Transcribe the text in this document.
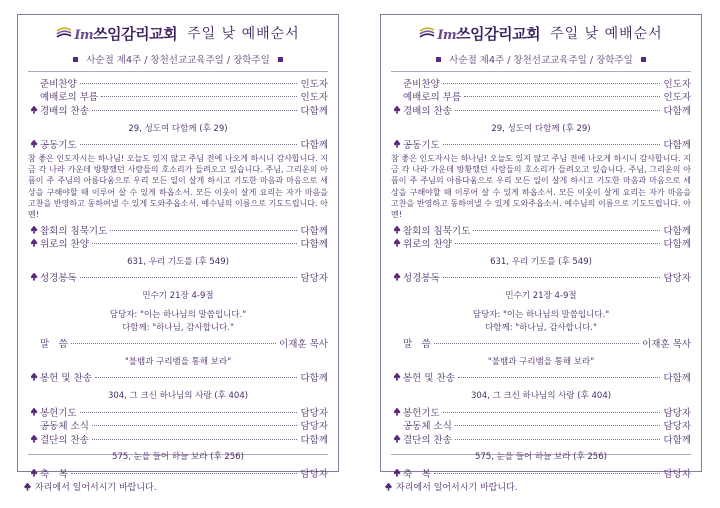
Im쓰임감리교회 주일 낮 예배순서
사순절 제4주 / 창천선교교육주일 / 장학주일
준비찬양	인도자
예배로의 부름	인도자
경배의 찬송	다함께
29, 성도여 다함께 (후 29)
공동기도	다함께
참 좋은 인도자시는 하나님! 오늘도 있지 않고 주님 전에 나오게 하시니 감사합니다. 지금 각 나라 가운데 방황했던 사람들의 호소리가 들려오고 있습니다. 주님, 그리운의 아픔이 주 주님의 아름다움으로 우리 모든 일이 살게 하시고 기도한 마음과 마음으로 세상을 구해야할 때 이루어 살 수 있게 하옵소서. 모든 이웃이 살게 요리는 자가 마음을 고찬을 반영하고 동하여낼 수 있게 도와주옵소서. 예수님의 이름으로 기도드립니다. 아멘!
참회의 침묵기도	다함께
위로의 찬양	다함께
631, 우리 기도를 (후 549)
성경봉독	담당자
민수기 21장 4-9절
담당자: "이는 하나님의 말씀입니다."
다함께: "하나님, 감사합니다."
말　씀	이재훈 목사
"불뱀과 구리뱀을 통해 보라"
봉헌 및 찬송	다함께
304, 그 크신 하나님의 사랑 (후 404)
봉헌기도	담당자
공동체 소식	담당자
결단의 찬송	다함께
575, 눈을 들어 하늘 보라 (후 256)
축　복	담당자
Im쓰임감리교회 주일 낮 예배순서
사순절 제4주 / 창천선교교육주일 / 장학주일
준비찬양	인도자
예배로의 부름	인도자
경배의 찬송	다함께
29, 성도여 다함께 (후 29)
공동기도	다함께
참 좋은 인도자시는 하나님! 오늘도 있지 않고 주님 전에 나오게 하시니 감사합니다. 지금 각 나라 가운데 방황했던 사람들의 호소리가 들려오고 있습니다. 주님, 그리운의 아픔이 주 주님의 아름다움으로 우리 모든 일이 살게 하시고 기도한 마음과 마음으로 세상을 구해야할 때 이루어 살 수 있게 하옵소서. 모든 이웃이 살게 요리는 자가 마음을 고찬을 반영하고 동하여낼 수 있게 도와주옵소서. 예수님의 이름으로 기도드립니다. 아멘!
참회의 침묵기도	다함께
위로의 찬양	다함께
631, 우리 기도를 (후 549)
성경봉독	담당자
민수기 21장 4-9절
담당자: "이는 하나님의 말씀입니다."
다함께: "하나님, 감사합니다."
말　씀	이재훈 목사
"불뱀과 구리뱀을 통해 보라"
봉헌 및 찬송	다함께
304, 그 크신 하나님의 사랑 (후 404)
봉헌기도	담당자
공동체 소식	담당자
결단의 찬송	다함께
575, 눈을 들어 하늘 보라 (후 256)
축　복	담당자
자리에서 일어서시기 바랍니다.	자리에서 일어서시기 바랍니다.
